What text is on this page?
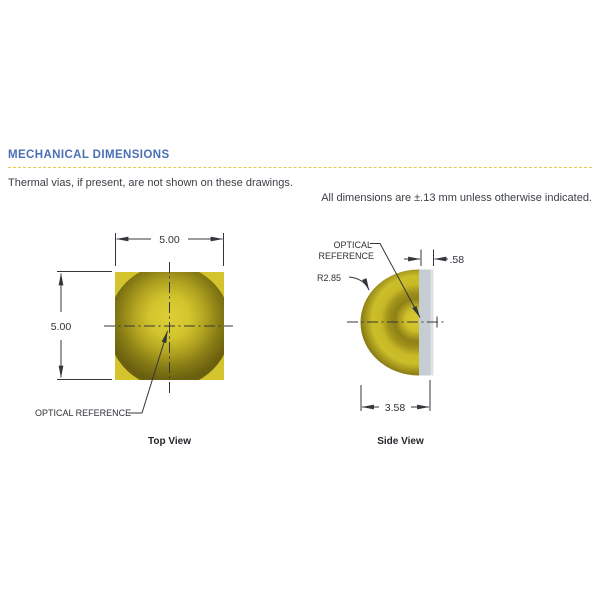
MECHANICAL DIMENSIONS
Thermal vias, if present, are not shown on these drawings.
All dimensions are ±.13 mm unless otherwise indicated.
5.00
5.00
OPTICAL REFERENCE
Top View
OPTICAL
REFERENCE
R2.85
.58
3.58
Side View
